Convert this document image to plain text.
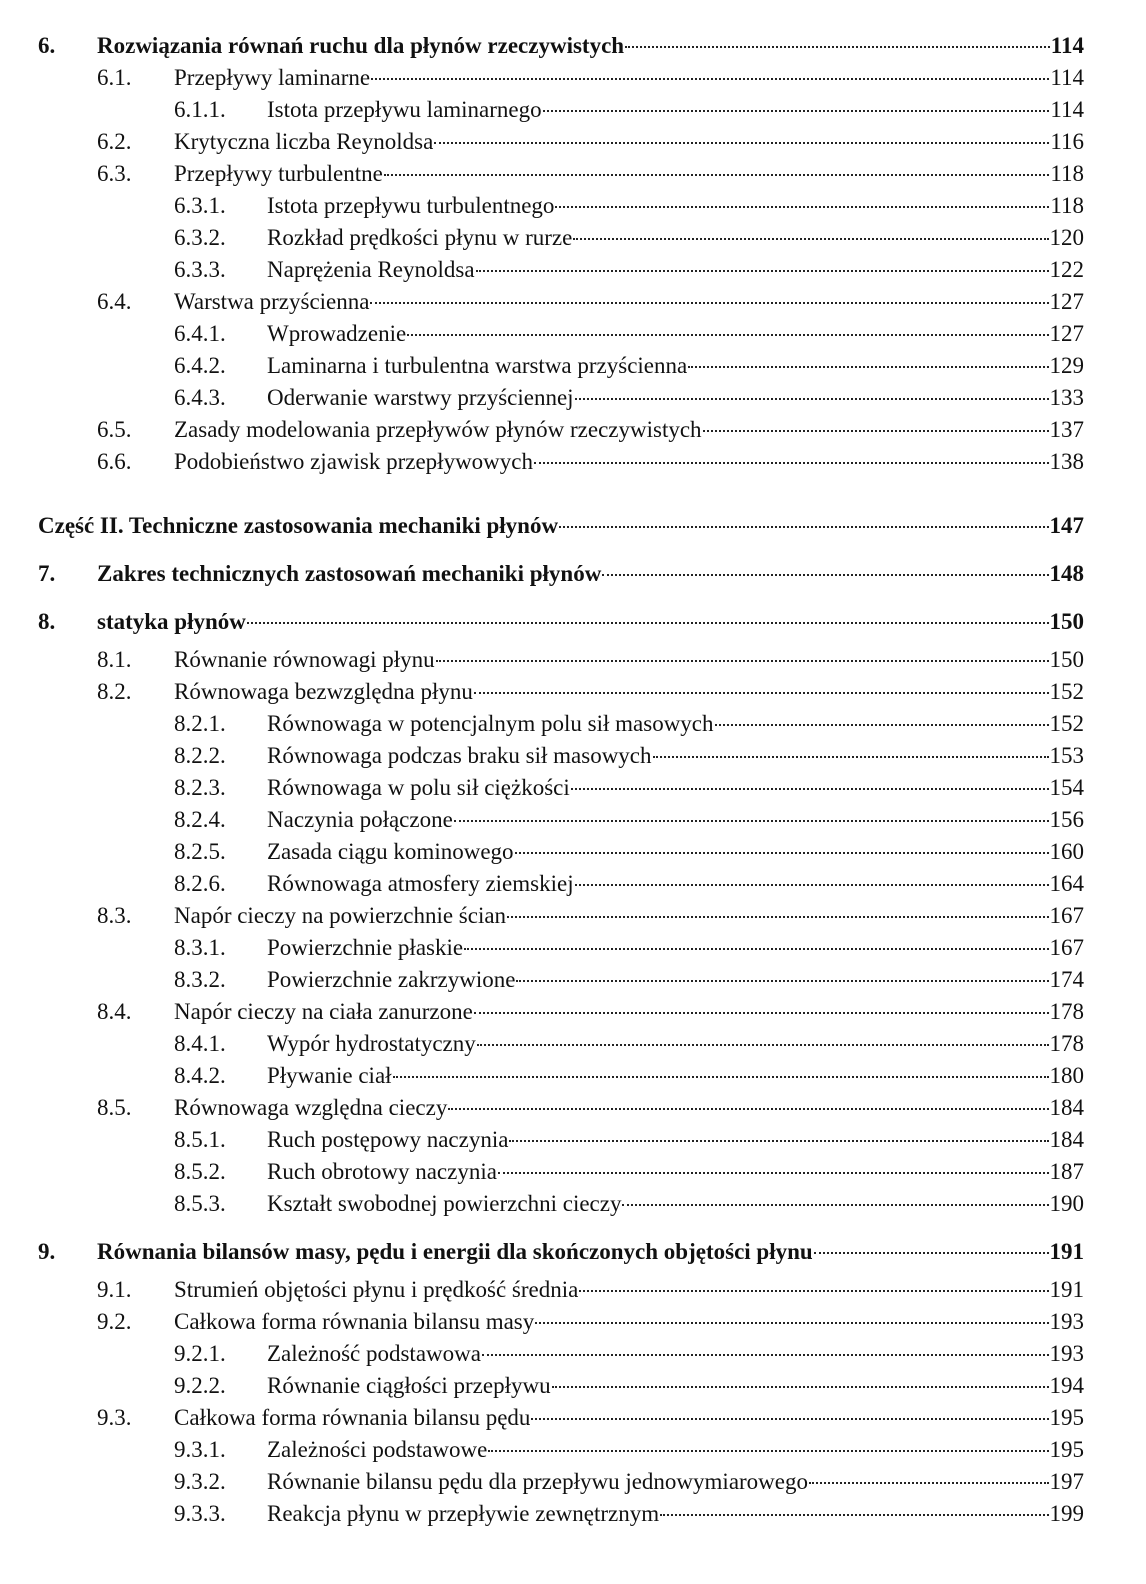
6. Rozwiązania równań ruchu dla płynów rzeczywistych	114
6.1. Przepływy laminarne	114
6.1.1. Istota przepływu laminarnego	114
6.2. Krytyczna liczba Reynoldsa	116
6.3. Przepływy turbulentne	118
6.3.1. Istota przepływu turbulentnego	118
6.3.2. Rozkład prędkości płynu w rurze	120
6.3.3. Naprężenia Reynoldsa	122
6.4. Warstwa przyścienna	127
6.4.1. Wprowadzenie	127
6.4.2. Laminarna i turbulentna warstwa przyścienna	129
6.4.3. Oderwanie warstwy przyściennej	133
6.5. Zasady modelowania przepływów płynów rzeczywistych	137
6.6. Podobieństwo zjawisk przepływowych	138
Część II. Techniczne zastosowania mechaniki płynów	147
7. Zakres technicznych zastosowań mechaniki płynów	148
8. statyka płynów	150
8.1. Równanie równowagi płynu	150
8.2. Równowaga bezwzględna płynu	152
8.2.1. Równowaga w potencjalnym polu sił masowych	152
8.2.2. Równowaga podczas braku sił masowych	153
8.2.3. Równowaga w polu sił ciężkości	154
8.2.4. Naczynia połączone	156
8.2.5. Zasada ciągu kominowego	160
8.2.6. Równowaga atmosfery ziemskiej	164
8.3. Napór cieczy na powierzchnie ścian	167
8.3.1. Powierzchnie płaskie	167
8.3.2. Powierzchnie zakrzywione	174
8.4. Napór cieczy na ciała zanurzone	178
8.4.1. Wypór hydrostatyczny	178
8.4.2. Pływanie ciał	180
8.5. Równowaga względna cieczy	184
8.5.1. Ruch postępowy naczynia	184
8.5.2. Ruch obrotowy naczynia	187
8.5.3. Kształt swobodnej powierzchni cieczy	190
9. Równania bilansów masy, pędu i energii dla skończonych objętości płynu	191
9.1. Strumień objętości płynu i prędkość średnia	191
9.2. Całkowa forma równania bilansu masy	193
9.2.1. Zależność podstawowa	193
9.2.2. Równanie ciągłości przepływu	194
9.3. Całkowa forma równania bilansu pędu	195
9.3.1. Zależności podstawowe	195
9.3.2. Równanie bilansu pędu dla przepływu jednowymiarowego	197
9.3.3. Reakcja płynu w przepływie zewnętrznym	199
